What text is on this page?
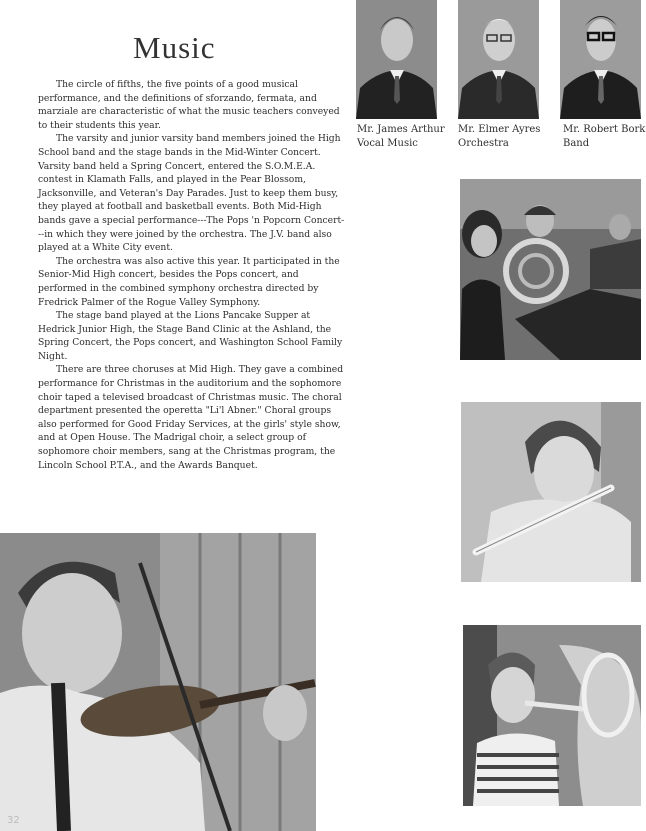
Mr. James Arthur
Vocal Music
Mr. Elmer Ayres
Orchestra
Mr. Robert Bork
Band
Music

The circle of fifths, the five points of a good musical performance, and the definitions of sforzando, fermata, and marziale are characteristic of what the music teachers conveyed to their students this year.

The varsity and junior varsity band members joined the High School band and the stage bands in the Mid-Winter Concert. Varsity band held a Spring Concert, entered the S.O.M.E.A. contest in Klamath Falls, and played in the Pear Blossom, Jacksonville, and Veteran's Day Parades. Just to keep them busy, they played at football and basketball events. Both Mid-High bands gave a special performance---The Pops 'n Popcorn Concert---in which they were joined by the orchestra. The J.V. band also played at a White City event.

The orchestra was also active this year. It participated in the Senior-Mid High concert, besides the Pops concert, and performed in the combined symphony orchestra directed by Fredrick Palmer of the Rogue Valley Symphony.

The stage band played at the Lions Pancake Supper at Hedrick Junior High, the Stage Band Clinic at the Ashland, the Spring Concert, the Pops concert, and Washington School Family Night.

There are three choruses at Mid High. They gave a combined performance for Christmas in the auditorium and the sophomore choir taped a televised broadcast of Christmas music. The choral department presented the operetta "Li'l Abner." Choral groups also performed for Good Friday Services, at the girls' style show, and at Open House. The Madrigal choir, a select group of sophomore choir members, sang at the Christmas program, the Lincoln School P.T.A., and the Awards Banquet.

32
